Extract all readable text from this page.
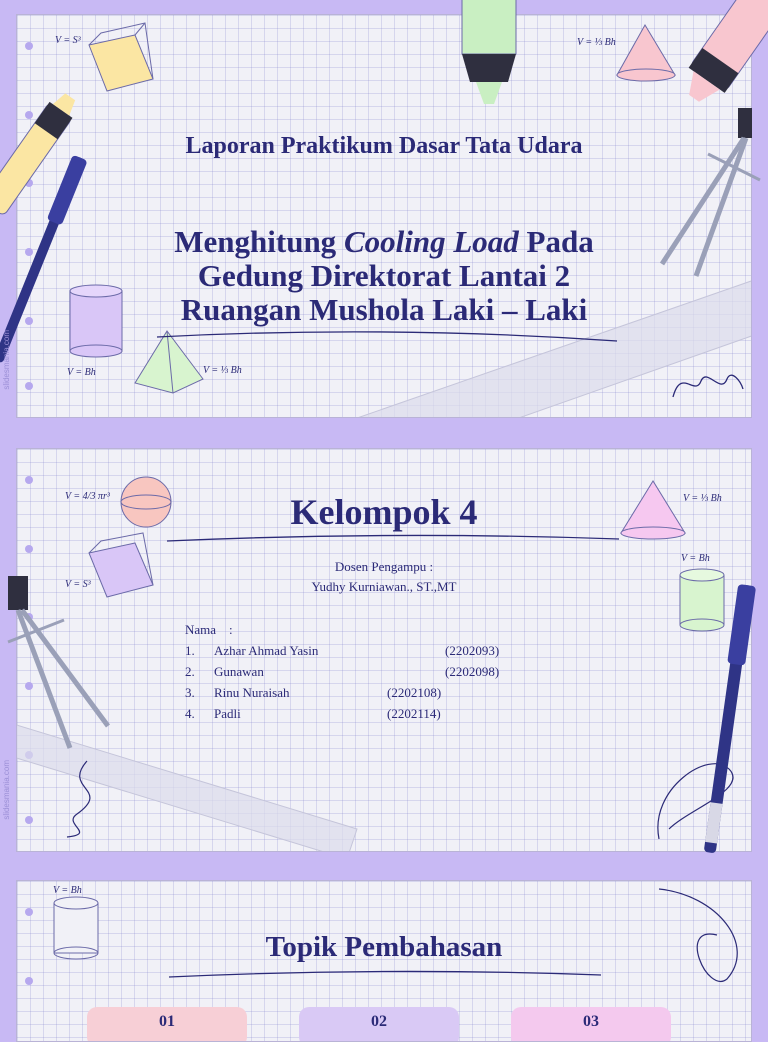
V = S³	V = ⅓ Bh
V = Bh	V = ⅓ Bh
Laporan Praktikum Dasar Tata Udara
Menghitung Cooling Load Pada
Gedung Direktorat Lantai 2
Ruangan Mushola Laki – Laki
V = 4/3 πr³
V = S³
V = ⅓ Bh
V = Bh
Kelompok 4
Dosen Pengampu :
Yudhy Kurniawan., ST.,MT
Nama :
1. Azhar Ahmad Yasin	(2202093)
2. Gunawan	(2202098)
3. Rinu Nuraisah	(2202108)
4. Padli	(2202114)
V = Bh
Topik Pembahasan
01	02	03
slidesmania.com
slidesmania.com
